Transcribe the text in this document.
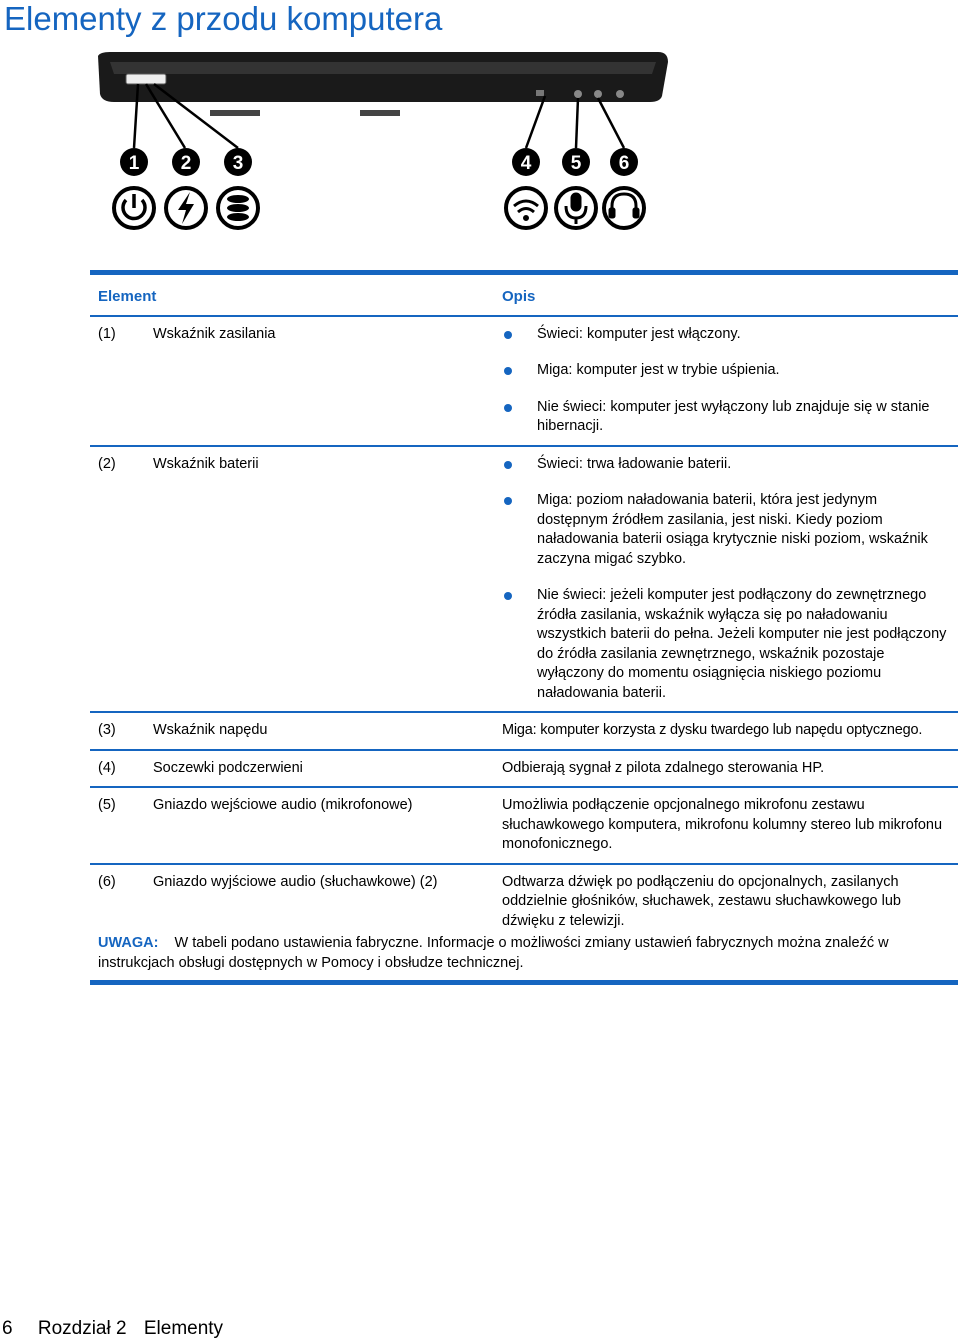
Elementy z przodu komputera
1 2 3	4 5 6
Element	Opis
(1) Wskaźnik zasilania	Świeci: komputer jest włączony.
Miga: komputer jest w trybie uśpienia.
Nie świeci: komputer jest wyłączony lub znajduje się w stanie hibernacji.

(2) Wskaźnik baterii	Świeci: trwa ładowanie baterii.
Miga: poziom naładowania baterii, która jest jedynym dostępnym źródłem zasilania, jest niski. Kiedy poziom naładowania baterii osiąga krytycznie niski poziom, wskaźnik zaczyna migać szybko.
Nie świeci: jeżeli komputer jest podłączony do zewnętrznego źródła zasilania, wskaźnik wyłącza się po naładowaniu wszystkich baterii do pełna. Jeżeli komputer nie jest podłączony do źródła zasilania zewnętrznego, wskaźnik pozostaje wyłączony do momentu osiągnięcia niskiego poziomu naładowania baterii.

(3) Wskaźnik napędu	Miga: komputer korzysta z dysku twardego lub napędu optycznego.
(4) Soczewki podczerwieni	Odbierają sygnał z pilota zdalnego sterowania HP.
(5) Gniazdo wejściowe audio (mikrofonowe)	Umożliwia podłączenie opcjonalnego mikrofonu zestawu słuchawkowego komputera, mikrofonu kolumny stereo lub mikrofonu monofonicznego.
(6) Gniazdo wyjściowe audio (słuchawkowe) (2)	Odtwarza dźwięk po podłączeniu do opcjonalnych, zasilanych oddzielnie głośników, słuchawek, zestawu słuchawkowego lub dźwięku z telewizji.
UWAGA: W tabeli podano ustawienia fabryczne. Informacje o możliwości zmiany ustawień fabrycznych można znaleźć w instrukcjach obsługi dostępnych w Pomocy i obsłudze technicznej.
6 Rozdział 2 Elementy
